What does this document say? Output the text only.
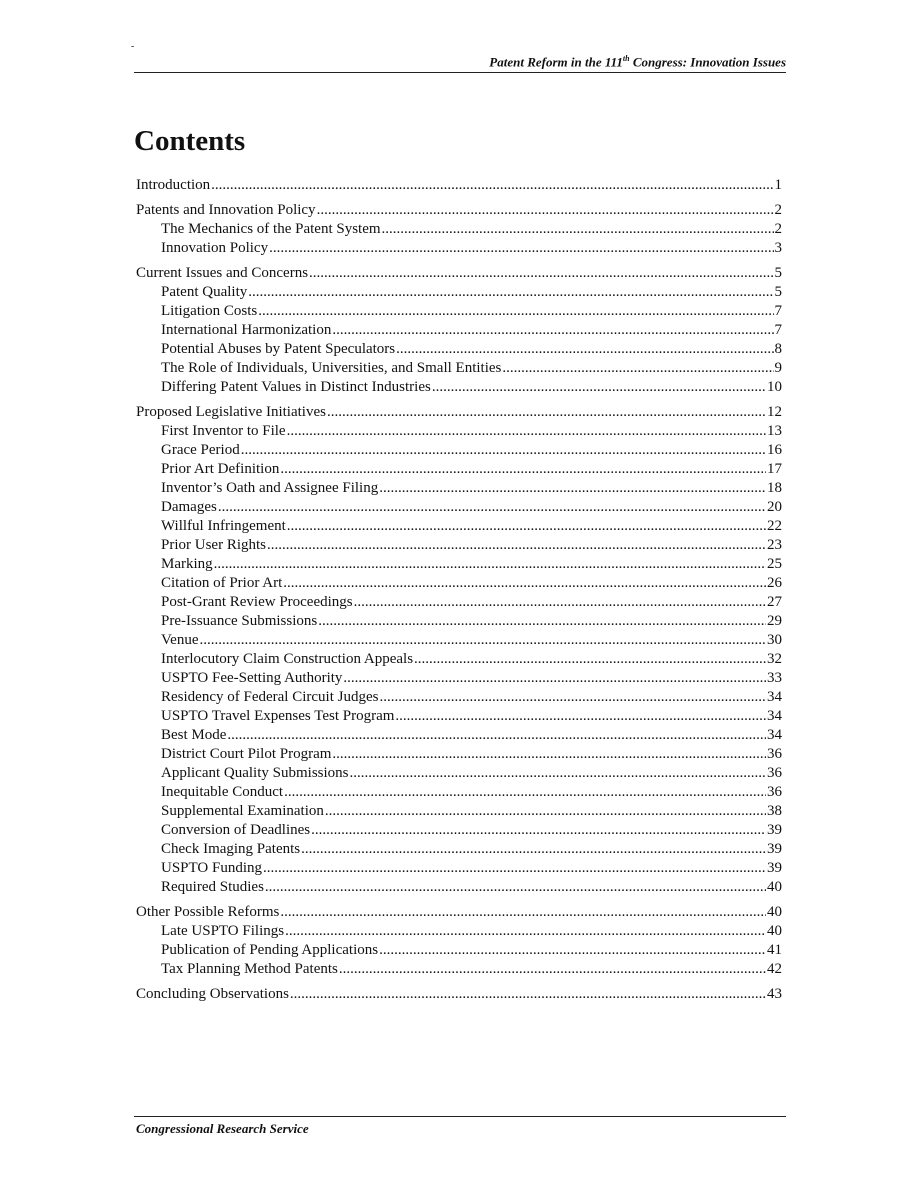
-
Patent Reform in the 111th Congress: Innovation Issues
Contents
Introduction .....	1
Patents and Innovation Policy .....	2
The Mechanics of the Patent System .....	2
Innovation Policy .....	3
Current Issues and Concerns .....	5
Patent Quality .....	5
Litigation Costs .....	7
International Harmonization .....	7
Potential Abuses by Patent Speculators .....	8
The Role of Individuals, Universities, and Small Entities .....	9
Differing Patent Values in Distinct Industries .....	10
Proposed Legislative Initiatives .....	12
First Inventor to File .....	13
Grace Period .....	16
Prior Art Definition .....	17
Inventor’s Oath and Assignee Filing .....	18
Damages .....	20
Willful Infringement .....	22
Prior User Rights .....	23
Marking .....	25
Citation of Prior Art .....	26
Post-Grant Review Proceedings .....	27
Pre-Issuance Submissions .....	29
Venue .....	30
Interlocutory Claim Construction Appeals .....	32
USPTO Fee-Setting Authority .....	33
Residency of Federal Circuit Judges .....	34
USPTO Travel Expenses Test Program .....	34
Best Mode .....	34
District Court Pilot Program .....	36
Applicant Quality Submissions .....	36
Inequitable Conduct .....	36
Supplemental Examination .....	38
Conversion of Deadlines .....	39
Check Imaging Patents .....	39
USPTO Funding .....	39
Required Studies .....	40
Other Possible Reforms .....	40
Late USPTO Filings .....	40
Publication of Pending Applications .....	41
Tax Planning Method Patents .....	42
Concluding Observations .....	43
Congressional Research Service
